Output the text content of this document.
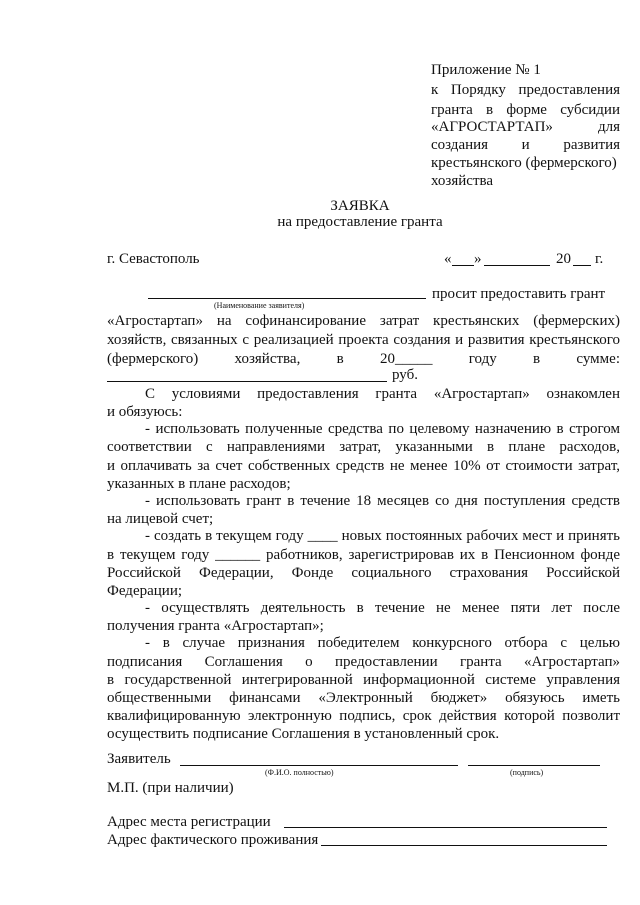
Приложение № 1
к Порядку предоставления
гранта в форме субсидии
«АГРОСТАРТАП» для
создания и развития
крестьянского (фермерского)
хозяйства
ЗАЯВКА
на предоставление гранта
г. Севастополь	« »	20 г.
просит предоставить грант
(Наименование заявителя)
«Агростартап» на софинансирование затрат крестьянских (фермерских)
хозяйств, связанных с реализацией проекта создания и развития крестьянского
(фермерского) хозяйства, в 20_____ году в сумме:
руб.
С условиями предоставления гранта «Агростартап» ознакомлен
и обязуюсь:
- использовать полученные средства по целевому назначению в строгом
соответствии с направлениями затрат, указанными в плане расходов,
и оплачивать за счет собственных средств не менее 10% от стоимости затрат,
указанных в плане расходов;
- использовать грант в течение 18 месяцев со дня поступления средств
на лицевой счет;
- создать в текущем году ____ новых постоянных рабочих мест и принять
в текущем году ______ работников, зарегистрировав их в Пенсионном фонде
Российской Федерации, Фонде социального страхования Российской
Федерации;
- осуществлять деятельность в течение не менее пяти лет после
получения гранта «Агростартап»;
- в случае признания победителем конкурсного отбора с целью
подписания Соглашения о предоставлении гранта «Агростартап»
в государственной интегрированной информационной системе управления
общественными финансами «Электронный бюджет» обязуюсь иметь
квалифицированную электронную подпись, срок действия которой позволит
осуществить подписание Соглашения в установленный срок.
Заявитель
(Ф.И.О. полностью)	(подпись)
М.П. (при наличии)
Адрес места регистрации
Адрес фактического проживания
